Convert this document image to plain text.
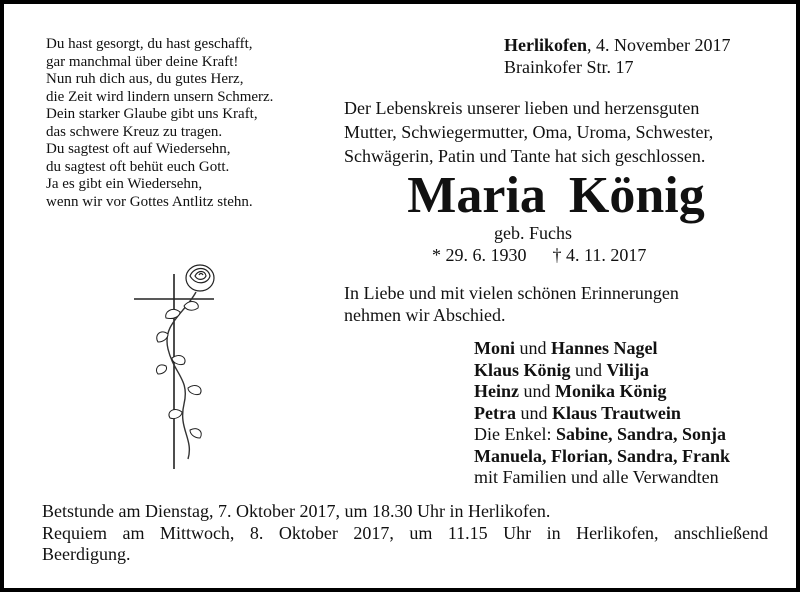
Du hast gesorgt, du hast geschafft,
gar manchmal über deine Kraft!
Nun ruh dich aus, du gutes Herz,
die Zeit wird lindern unsern Schmerz.
Dein starker Glaube gibt uns Kraft,
das schwere Kreuz zu tragen.
Du sagtest oft auf Wiedersehn,
du sagtest oft behüt euch Gott.
Ja es gibt ein Wiedersehn,
wenn wir vor Gottes Antlitz stehn.
Herlikofen, 4. November 2017
Brainkofer Str. 17
Der Lebenskreis unserer lieben und herzensguten
Mutter, Schwiegermutter, Oma, Uroma, Schwester,
Schwägerin, Patin und Tante hat sich geschlossen.
Maria König
geb. Fuchs
* 29. 6. 1930 † 4. 11. 2017
In Liebe und mit vielen schönen Erinnerungen
nehmen wir Abschied.
Moni und Hannes Nagel
Klaus König und Vilija
Heinz und Monika König
Petra und Klaus Trautwein
Die Enkel: Sabine, Sandra, Sonja
Manuela, Florian, Sandra, Frank
mit Familien und alle Verwandten
Betstunde am Dienstag, 7. Oktober 2017, um 18.30 Uhr in Herlikofen.
Requiem am Mittwoch, 8. Oktober 2017, um 11.15 Uhr in Herlikofen, anschließend
Beerdigung.
